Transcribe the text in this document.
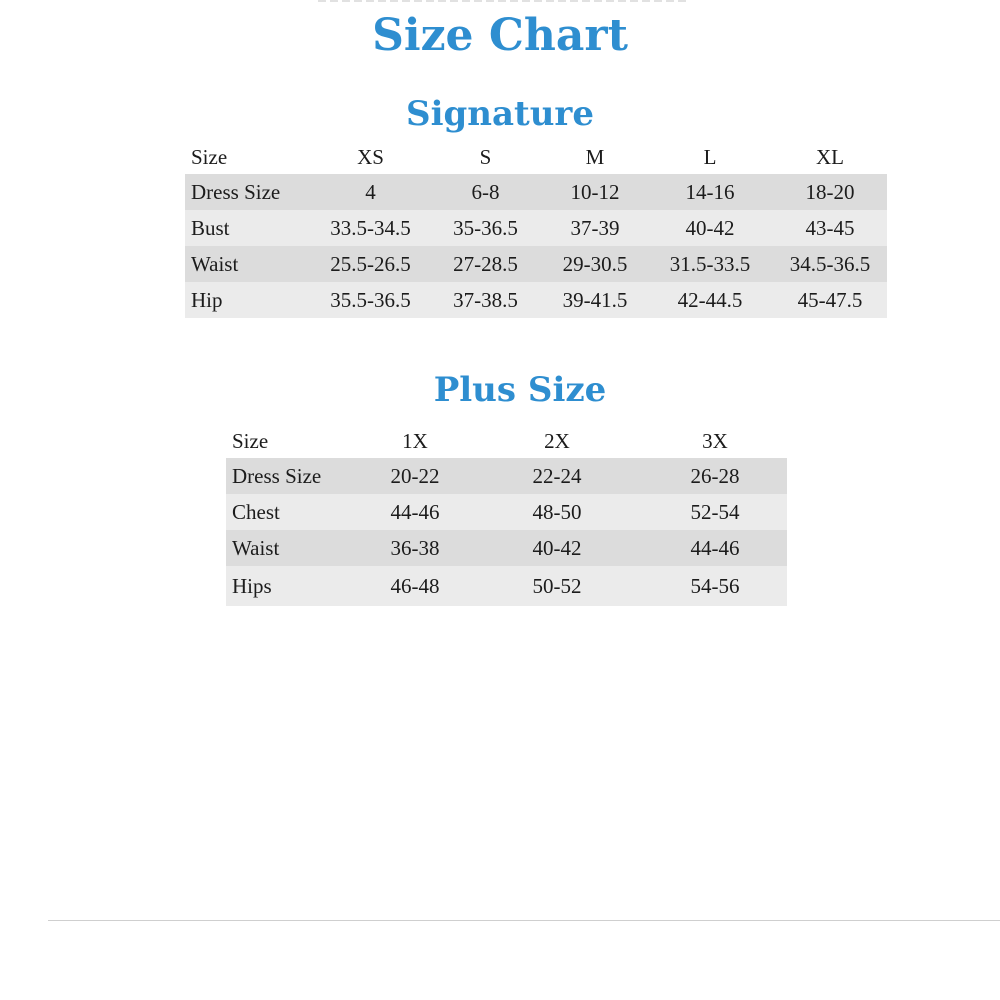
Size Chart
Signature
Size	XS	S	M	L	XL
Dress Size	4	6-8	10-12	14-16	18-20
Bust	33.5-34.5	35-36.5	37-39	40-42	43-45
Waist	25.5-26.5	27-28.5	29-30.5	31.5-33.5	34.5-36.5
Hip	35.5-36.5	37-38.5	39-41.5	42-44.5	45-47.5
Plus Size
Size	1X	2X	3X
Dress Size	20-22	22-24	26-28
Chest	44-46	48-50	52-54
Waist	36-38	40-42	44-46
Hips	46-48	50-52	54-56
